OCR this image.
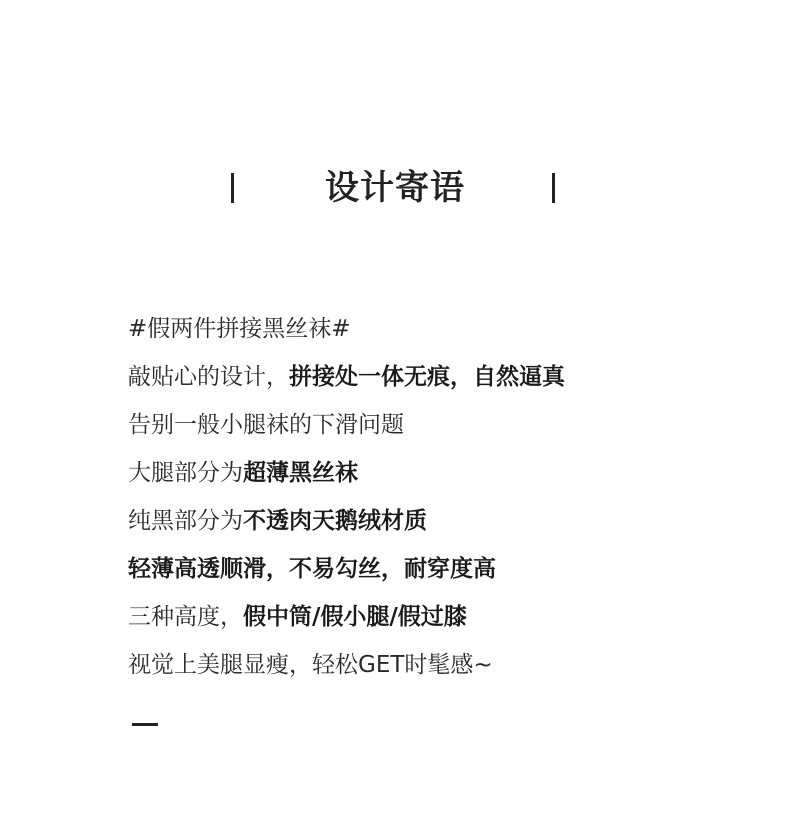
设计寄语
#假两件拼接黑丝袜#
敲贴心的设计，拼接处一体无痕，自然逼真
告别一般小腿袜的下滑问题
大腿部分为超薄黑丝袜
纯黑部分为不透肉天鹅绒材质
轻薄高透顺滑，不易勾丝，耐穿度高
三种高度，假中筒/假小腿/假过膝
视觉上美腿显瘦，轻松GET时髦感~
